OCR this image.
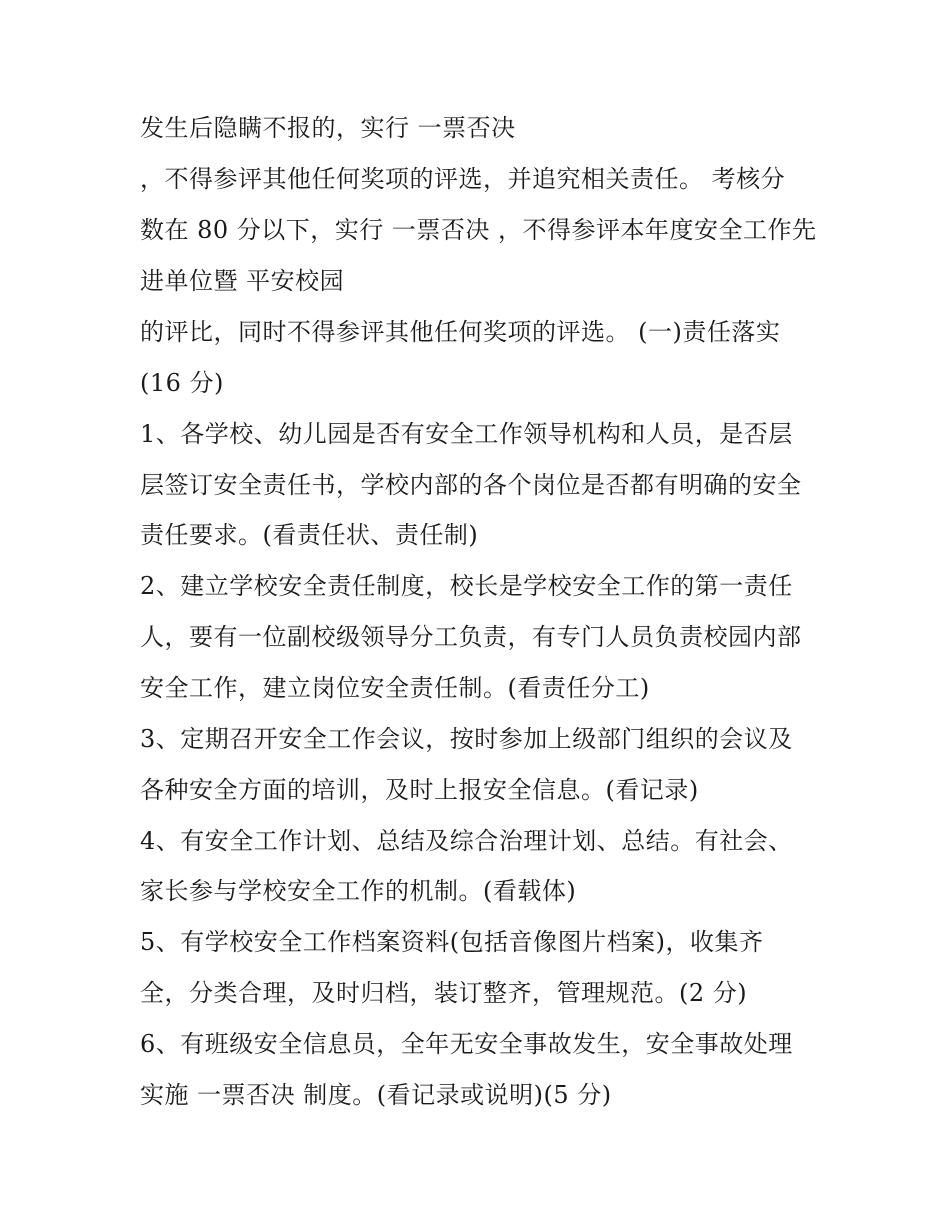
发生后隐瞒不报的，实行 一票否决
，不得参评其他任何奖项的评选，并追究相关责任。 考核分
数在 80 分以下，实行 一票否决 ，不得参评本年度安全工作先
进单位暨 平安校园
的评比，同时不得参评其他任何奖项的评选。 (一)责任落实
(16 分)
1、各学校、幼儿园是否有安全工作领导机构和人员，是否层
层签订安全责任书，学校内部的各个岗位是否都有明确的安全
责任要求。(看责任状、责任制)
2、建立学校安全责任制度，校长是学校安全工作的第一责任
人，要有一位副校级领导分工负责，有专门人员负责校园内部
安全工作，建立岗位安全责任制。(看责任分工)
3、定期召开安全工作会议，按时参加上级部门组织的会议及
各种安全方面的培训，及时上报安全信息。(看记录)
4、有安全工作计划、总结及综合治理计划、总结。有社会、
家长参与学校安全工作的机制。(看载体)
5、有学校安全工作档案资料(包括音像图片档案)，收集齐
全，分类合理，及时归档，装订整齐，管理规范。(2 分)
6、有班级安全信息员，全年无安全事故发生，安全事故处理
实施 一票否决 制度。(看记录或说明)(5 分)
